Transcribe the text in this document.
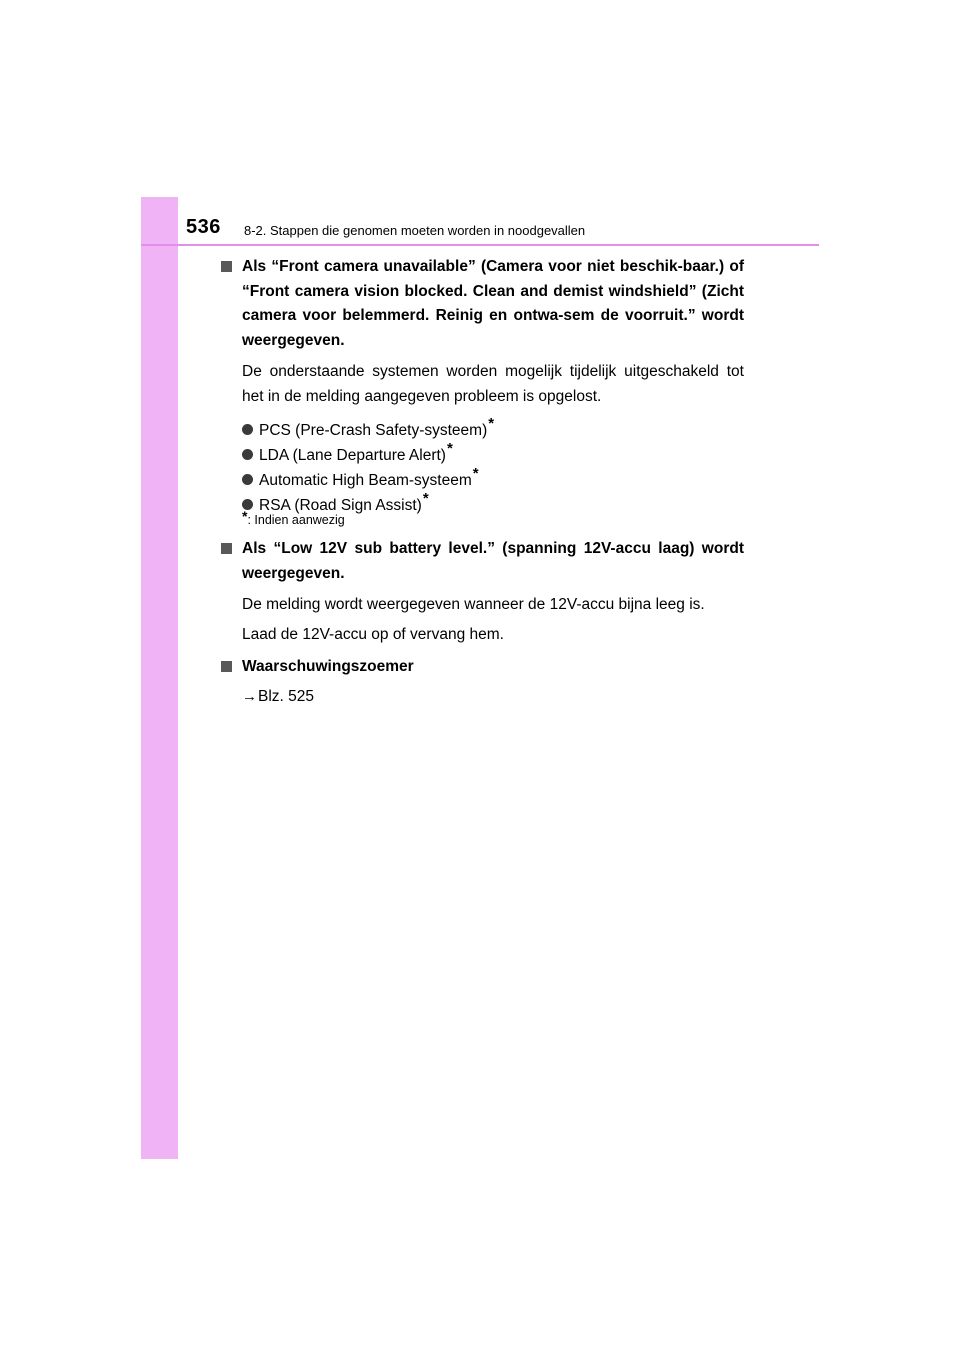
536 8-2. Stappen die genomen moeten worden in noodgevallen
Als “Front camera unavailable” (Camera voor niet beschik-baar.) of “Front camera vision blocked. Clean and demist windshield” (Zicht camera voor belemmerd. Reinig en ontwa-sem de voorruit.” wordt weergegeven.
De onderstaande systemen worden mogelijk tijdelijk uitgeschakeld tot het in de melding aangegeven probleem is opgelost.
PCS (Pre-Crash Safety-systeem)*
LDA (Lane Departure Alert)*
Automatic High Beam-systeem*
RSA (Road Sign Assist)*
*: Indien aanwezig
Als “Low 12V sub battery level.” (spanning 12V-accu laag) wordt weergegeven.
De melding wordt weergegeven wanneer de 12V-accu bijna leeg is.
Laad de 12V-accu op of vervang hem.
Waarschuwingszoemer
→Blz. 525
